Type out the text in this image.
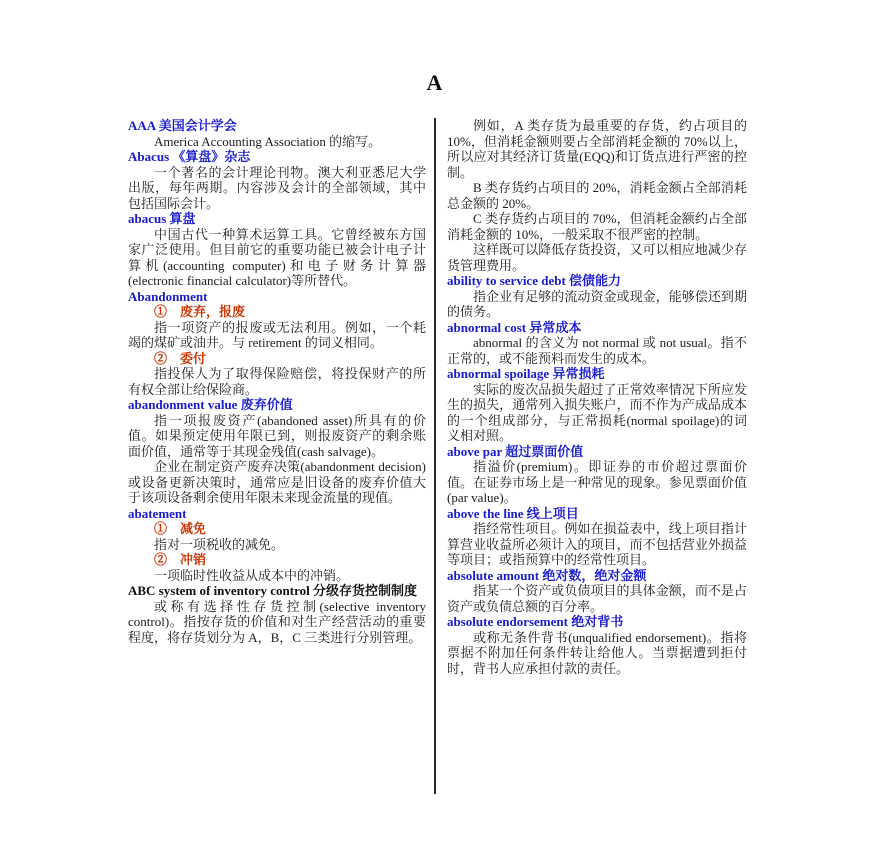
A
AAA 美国会计学会
America Accounting Association 的缩写。
Abacus 《算盘》杂志
一个著名的会计理论刊物。澳大利亚悉尼大学出版，每年两期。内容涉及会计的全部领域，其中包括国际会计。
abacus 算盘
中国古代一种算术运算工具。它曾经被东方国家广泛使用。但目前它的重要功能已被会计电子计算机(accounting computer)和电子财务计算器(electronic financial calculator)等所替代。
Abandonment
①　废弃，报废
指一项资产的报废或无法利用。例如，一个耗竭的煤矿或油井。与 retirement 的词义相同。
②　委付
指投保人为了取得保险赔偿，将投保财产的所有权全部让给保险商。
abandonment value 废弃价值
指一项报废资产(abandoned asset)所具有的价值。如果预定使用年限已到，则报废资产的剩余账面价值，通常等于其现金残值(cash salvage)。
企业在制定资产废弃决策(abandonment decision)或设备更新决策时，通常应是旧设备的废弃价值大于该项设备剩余使用年限未来现金流量的现值。
abatement
①　减免
指对一项税收的减免。
②　冲销
一项临时性收益从成本中的冲销。
ABC system of inventory control 分级存货控制制度
或称有选择性存货控制(selective inventory control)。指按存货的价值和对生产经营活动的重要程度，将存货划分为 A，B，C 三类进行分别管理。
例如，A 类存货为最重要的存货，约占项目的 10%，但消耗金额则要占全部消耗金额的 70%以上，所以应对其经济订货量(EQQ)和订货点进行严密的控制。
B 类存货约占项目的 20%，消耗金额占全部消耗总金额的 20%。
C 类存货约占项目的 70%，但消耗金额约占全部消耗金额的 10%，一般采取不很严密的控制。
这样既可以降低存货投资，又可以相应地减少存货管理费用。
ability to service debt 偿债能力
指企业有足够的流动资金或现金，能够偿还到期的债务。
abnormal cost 异常成本
abnormal 的含义为 not normal 或 not usual。指不正常的，或不能预料而发生的成本。
abnormal spoilage 异常损耗
实际的废次品损失超过了正常效率情况下所应发生的损失，通常列入损失账户，而不作为产成品成本的一个组成部分，与正常损耗(normal spoilage)的词义相对照。
above par 超过票面价值
指溢价(premium)。即证券的市价超过票面价值。在证券市场上是一种常见的现象。参见票面价值(par value)。
above the line 线上项目
指经常性项目。例如在损益表中，线上项目指计算营业收益所必须计入的项目，而不包括营业外损益等项目；或指预算中的经常性项目。
absolute amount 绝对数，绝对金额
指某一个资产或负债项目的具体金额，而不是占资产或负债总额的百分率。
absolute endorsement 绝对背书
或称无条件背书(unqualified endorsement)。指将票据不附加任何条件转让给他人。当票据遭到拒付时，背书人应承担付款的责任。
